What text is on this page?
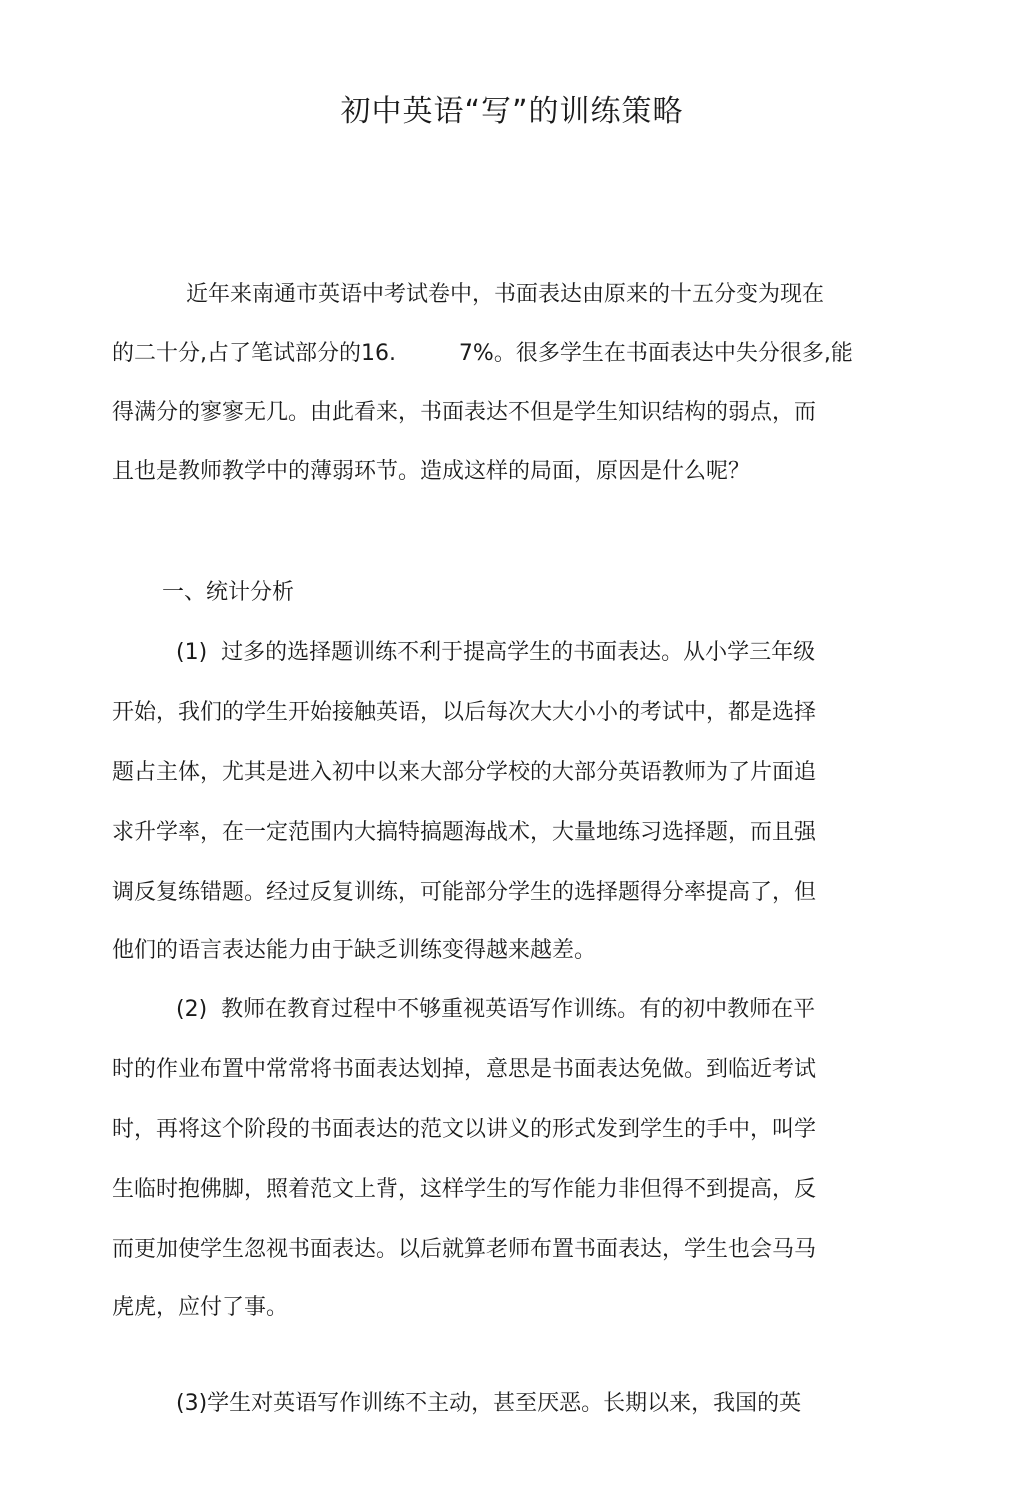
初中英语“写”的训练策略

近年来南通市英语中考试卷中，书面表达由原来的十五分变为现在

的二十分,占了笔试部分的16.         7%。很多学生在书面表达中失分很多,能

得满分的寥寥无几。由此看来，书面表达不但是学生知识结构的弱点，而

且也是教师教学中的薄弱环节。造成这样的局面，原因是什么呢？

一、统计分析

(1)  过多的选择题训练不利于提高学生的书面表达。从小学三年级

开始，我们的学生开始接触英语，以后每次大大小小的考试中，都是选择

题占主体，尤其是进入初中以来大部分学校的大部分英语教师为了片面追

求升学率，在一定范围内大搞特搞题海战术，大量地练习选择题，而且强

调反复练错题。经过反复训练，可能部分学生的选择题得分率提高了，但

他们的语言表达能力由于缺乏训练变得越来越差。

(2)  教师在教育过程中不够重视英语写作训练。有的初中教师在平

时的作业布置中常常将书面表达划掉，意思是书面表达免做。到临近考试

时，再将这个阶段的书面表达的范文以讲义的形式发到学生的手中，叫学

生临时抱佛脚，照着范文上背，这样学生的写作能力非但得不到提高，反

而更加使学生忽视书面表达。以后就算老师布置书面表达，学生也会马马

虎虎，应付了事。

(3)学生对英语写作训练不主动，甚至厌恶。长期以来，我国的英
